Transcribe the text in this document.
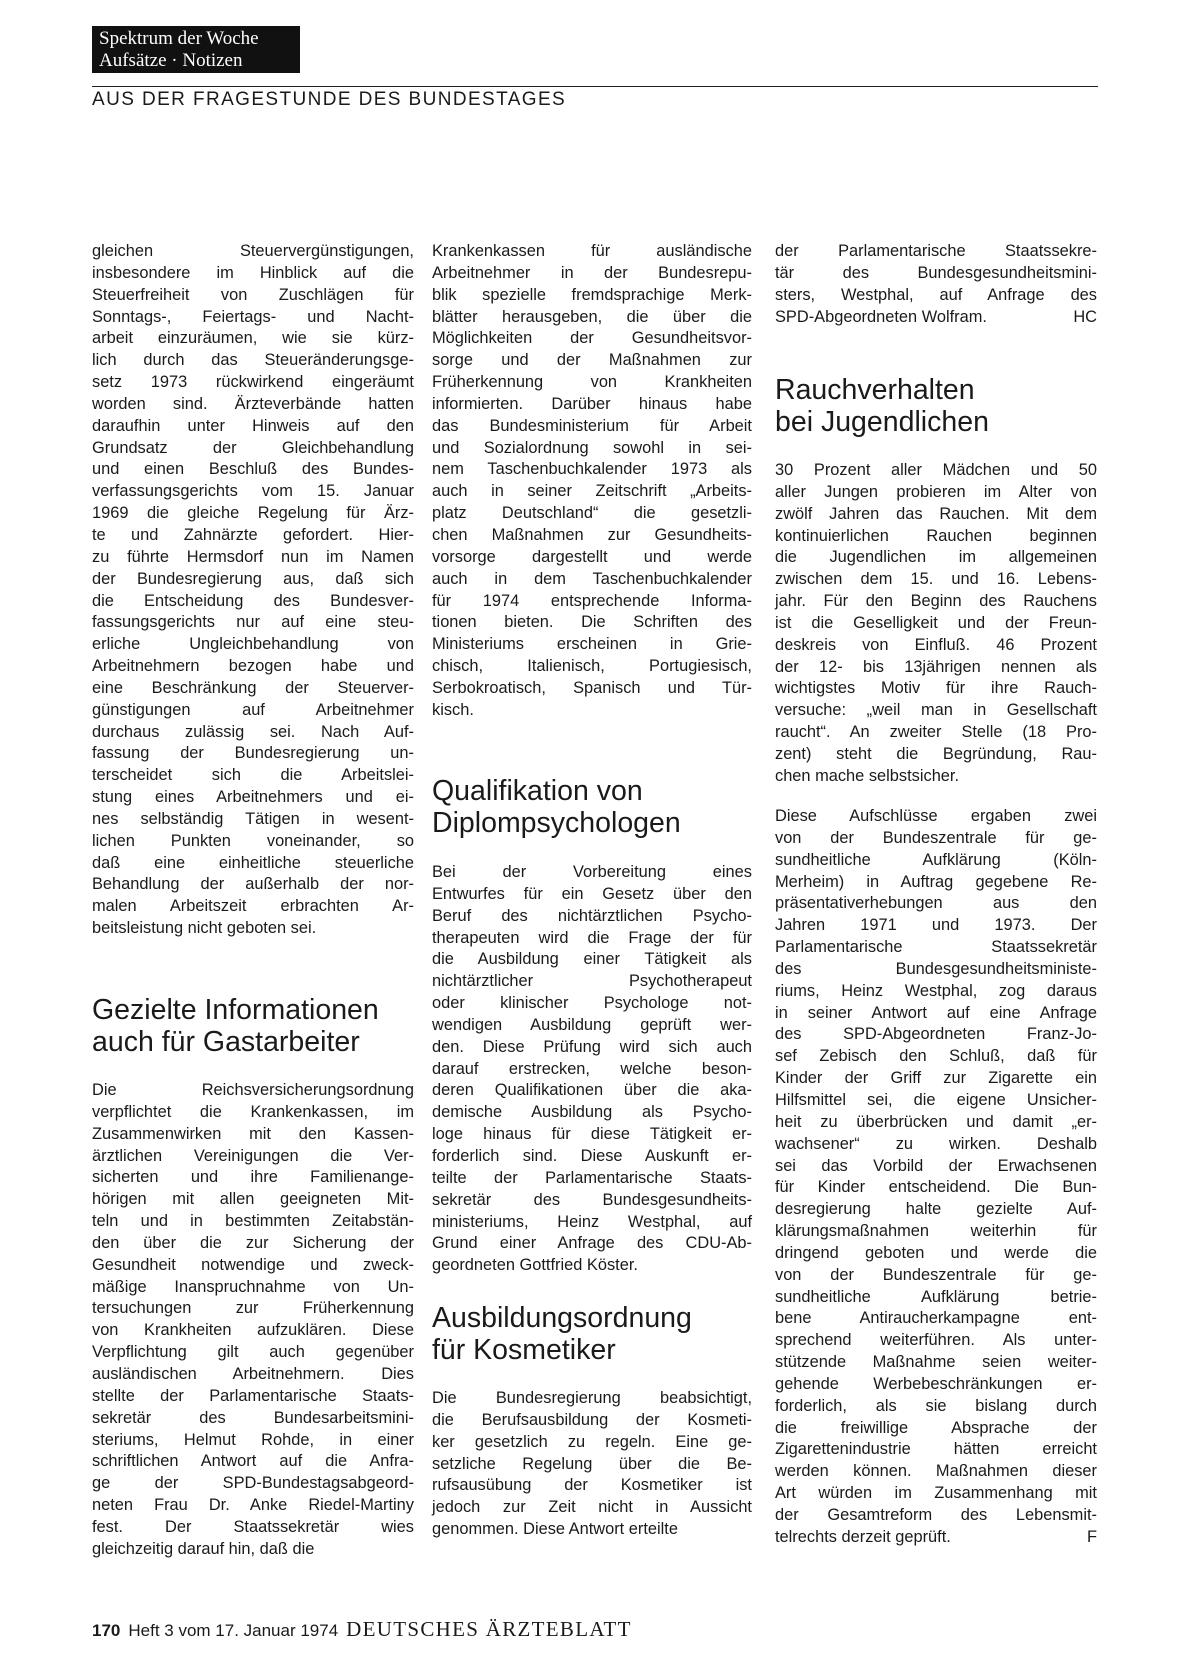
Spektrum der Woche
Aufsätze · Notizen
AUS DER FRAGESTUNDE DES BUNDESTAGES

gleichen Steuervergünstigungen,

insbesondere im Hinblick auf die

Steuerfreiheit von Zuschlägen für

Sonntags-, Feiertags- und Nacht-

arbeit einzuräumen, wie sie kürz-

lich durch das Steueränderungsge-

setz 1973 rückwirkend eingeräumt

worden sind. Ärzteverbände hatten

daraufhin unter Hinweis auf den

Grundsatz der Gleichbehandlung

und einen Beschluß des Bundes-

verfassungsgerichts vom 15. Januar

1969 die gleiche Regelung für Ärz-

te und Zahnärzte gefordert. Hier-

zu führte Hermsdorf nun im Namen

der Bundesregierung aus, daß sich

die Entscheidung des Bundesver-

fassungsgerichts nur auf eine steu-

erliche Ungleichbehandlung von

Arbeitnehmern bezogen habe und

eine Beschränkung der Steuerver-

günstigungen auf Arbeitnehmer

durchaus zulässig sei. Nach Auf-

fassung der Bundesregierung un-

terscheidet sich die Arbeitslei-

stung eines Arbeitnehmers und ei-

nes selbständig Tätigen in wesent-

lichen Punkten voneinander, so

daß eine einheitliche steuerliche

Behandlung der außerhalb der nor-

malen Arbeitszeit erbrachten Ar-

beitsleistung nicht geboten sei.

Gezielte Informationen
auch für Gastarbeiter

Die Reichsversicherungsordnung

verpflichtet die Krankenkassen, im

Zusammenwirken mit den Kassen-

ärztlichen Vereinigungen die Ver-

sicherten und ihre Familienange-

hörigen mit allen geeigneten Mit-

teln und in bestimmten Zeitabstän-

den über die zur Sicherung der

Gesundheit notwendige und zweck-

mäßige Inanspruchnahme von Un-

tersuchungen zur Früherkennung

von Krankheiten aufzuklären. Diese

Verpflichtung gilt auch gegenüber

ausländischen Arbeitnehmern. Dies

stellte der Parlamentarische Staats-

sekretär des Bundesarbeitsmini-

steriums, Helmut Rohde, in einer

schriftlichen Antwort auf die Anfra-

ge der SPD-Bundestagsabgeord-

neten Frau Dr. Anke Riedel-Martiny

fest. Der Staatssekretär wies

gleichzeitig darauf hin, daß die

Krankenkassen für ausländische

Arbeitnehmer in der Bundesrepu-

blik spezielle fremdsprachige Merk-

blätter herausgeben, die über die

Möglichkeiten der Gesundheitsvor-

sorge und der Maßnahmen zur

Früherkennung von Krankheiten

informierten. Darüber hinaus habe

das Bundesministerium für Arbeit

und Sozialordnung sowohl in sei-

nem Taschenbuchkalender 1973 als

auch in seiner Zeitschrift „Arbeits-

platz Deutschland“ die gesetzli-

chen Maßnahmen zur Gesundheits-

vorsorge dargestellt und werde

auch in dem Taschenbuchkalender

für 1974 entsprechende Informa-

tionen bieten. Die Schriften des

Ministeriums erscheinen in Grie-

chisch, Italienisch, Portugiesisch,

Serbokroatisch, Spanisch und Tür-

kisch.

Qualifikation von
Diplompsychologen

Bei der Vorbereitung eines

Entwurfes für ein Gesetz über den

Beruf des nichtärztlichen Psycho-

therapeuten wird die Frage der für

die Ausbildung einer Tätigkeit als

nichtärztlicher Psychotherapeut

oder klinischer Psychologe not-

wendigen Ausbildung geprüft wer-

den. Diese Prüfung wird sich auch

darauf erstrecken, welche beson-

deren Qualifikationen über die aka-

demische Ausbildung als Psycho-

loge hinaus für diese Tätigkeit er-

forderlich sind. Diese Auskunft er-

teilte der Parlamentarische Staats-

sekretär des Bundesgesundheits-

ministeriums, Heinz Westphal, auf

Grund einer Anfrage des CDU-Ab-

geordneten Gottfried Köster.

Ausbildungsordnung
für Kosmetiker

Die Bundesregierung beabsichtigt,

die Berufsausbildung der Kosmeti-

ker gesetzlich zu regeln. Eine ge-

setzliche Regelung über die Be-

rufsausübung der Kosmetiker ist

jedoch zur Zeit nicht in Aussicht

genommen. Diese Antwort erteilte

der Parlamentarische Staatssekre-

tär des Bundesgesundheitsmini-

sters, Westphal, auf Anfrage des

SPD-Abgeordneten Wolfram.	HC

Rauchverhalten
bei Jugendlichen

30 Prozent aller Mädchen und 50

aller Jungen probieren im Alter von

zwölf Jahren das Rauchen. Mit dem

kontinuierlichen Rauchen beginnen

die Jugendlichen im allgemeinen

zwischen dem 15. und 16. Lebens-

jahr. Für den Beginn des Rauchens

ist die Geselligkeit und der Freun-

deskreis von Einfluß. 46 Prozent

der 12- bis 13jährigen nennen als

wichtigstes Motiv für ihre Rauch-

versuche: „weil man in Gesellschaft

raucht“. An zweiter Stelle (18 Pro-

zent) steht die Begründung, Rau-

chen mache selbstsicher.

Diese Aufschlüsse ergaben zwei

von der Bundeszentrale für ge-

sundheitliche Aufklärung (Köln-

Merheim) in Auftrag gegebene Re-

präsentativerhebungen aus den

Jahren 1971 und 1973. Der

Parlamentarische Staatssekretär

des Bundesgesundheitsministe-

riums, Heinz Westphal, zog daraus

in seiner Antwort auf eine Anfrage

des SPD-Abgeordneten Franz-Jo-

sef Zebisch den Schluß, daß für

Kinder der Griff zur Zigarette ein

Hilfsmittel sei, die eigene Unsicher-

heit zu überbrücken und damit „er-

wachsener“ zu wirken. Deshalb

sei das Vorbild der Erwachsenen

für Kinder entscheidend. Die Bun-

desregierung halte gezielte Auf-

klärungsmaßnahmen weiterhin für

dringend geboten und werde die

von der Bundeszentrale für ge-

sundheitliche Aufklärung betrie-

bene Antiraucherkampagne ent-

sprechend weiterführen. Als unter-

stützende Maßnahme seien weiter-

gehende Werbebeschränkungen er-

forderlich, als sie bislang durch

die freiwillige Absprache der

Zigarettenindustrie hätten erreicht

werden können. Maßnahmen dieser

Art würden im Zusammenhang mit

der Gesamtreform des Lebensmit-

telrechts derzeit geprüft.	F

170 Heft 3 vom 17. Januar 1974 DEUTSCHES ÄRZTEBLATT
